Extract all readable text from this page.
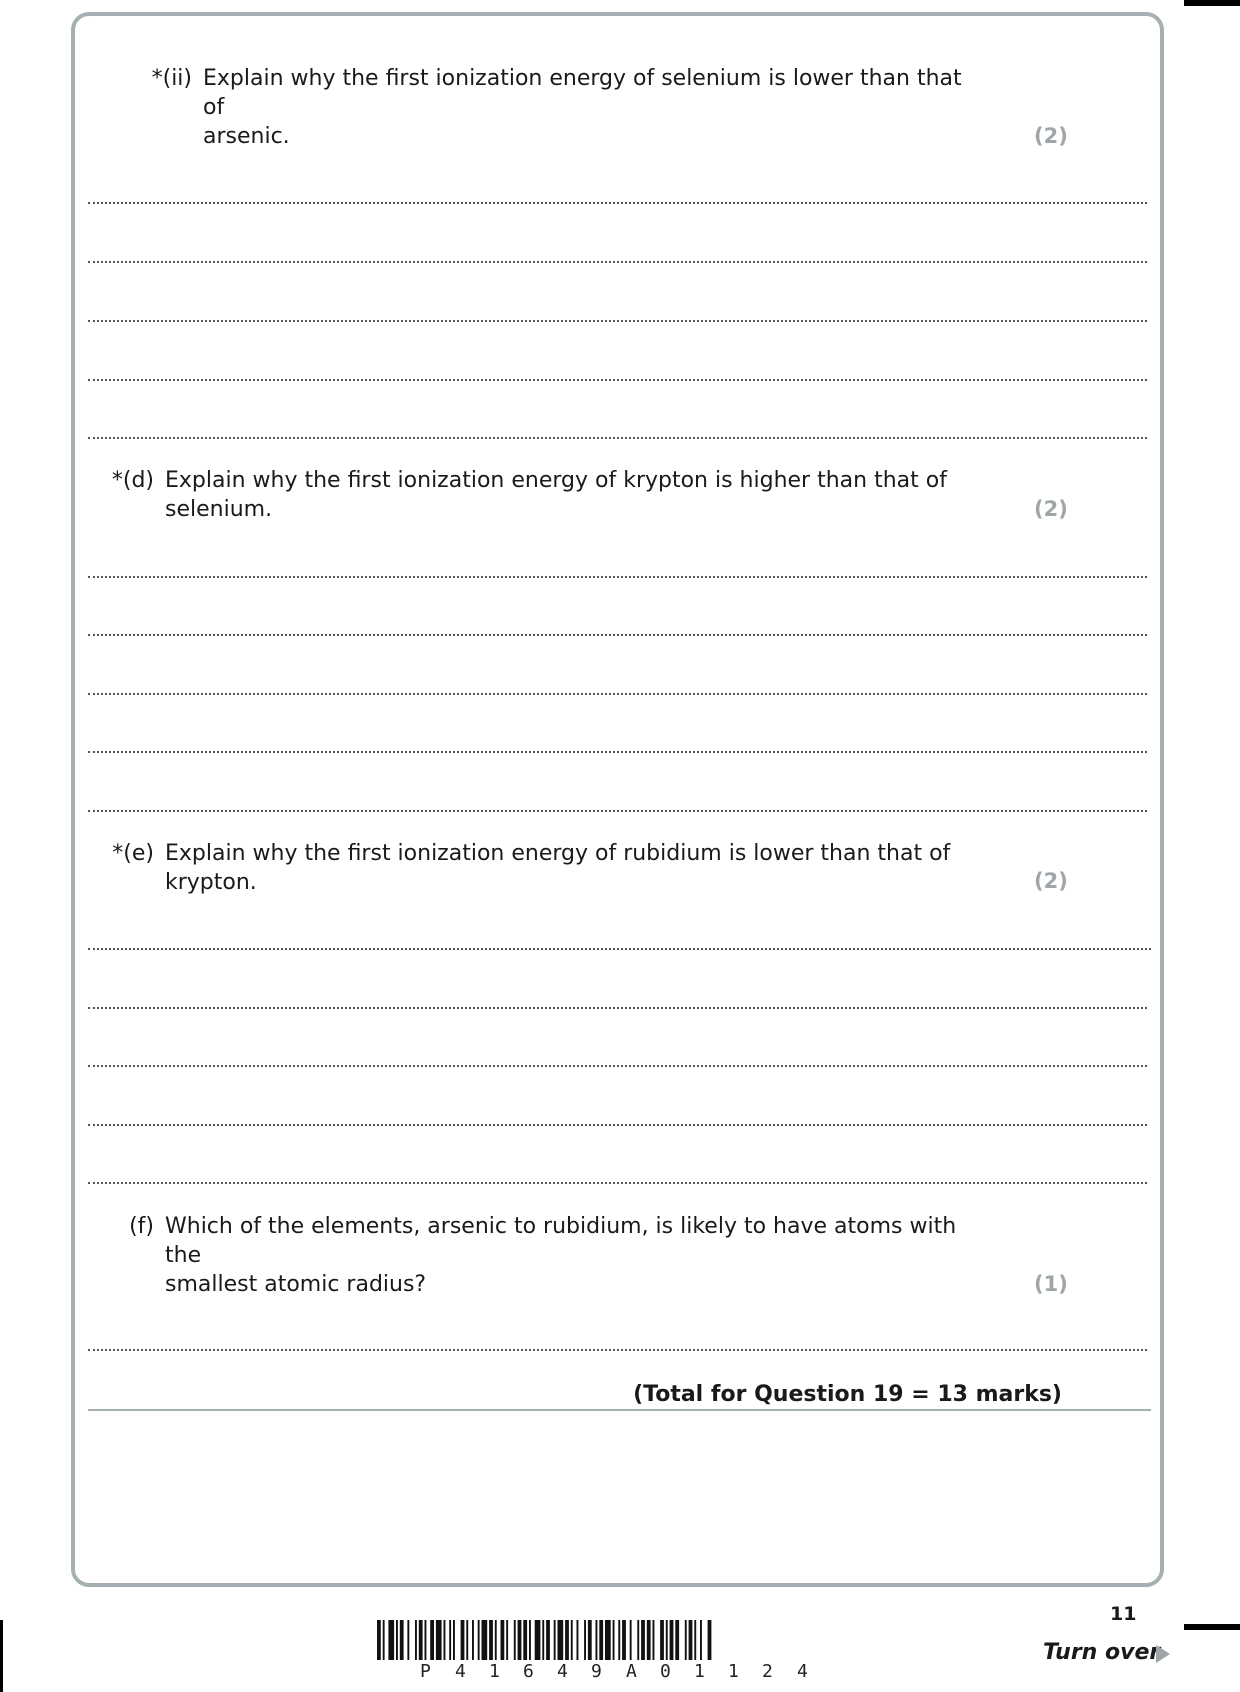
*(ii) Explain why the first ionization energy of selenium is lower than that of
arsenic.	(2)
*(d) Explain why the first ionization energy of krypton is higher than that of selenium.	(2)
*(e) Explain why the first ionization energy of rubidium is lower than that of krypton.	(2)
(f) Which of the elements, arsenic to rubidium, is likely to have atoms with the
smallest atomic radius?	(1)
(Total for Question 19 = 13 marks)
11
Turn over
P 4 1 6 4 9 A 0 1 1 2 4
